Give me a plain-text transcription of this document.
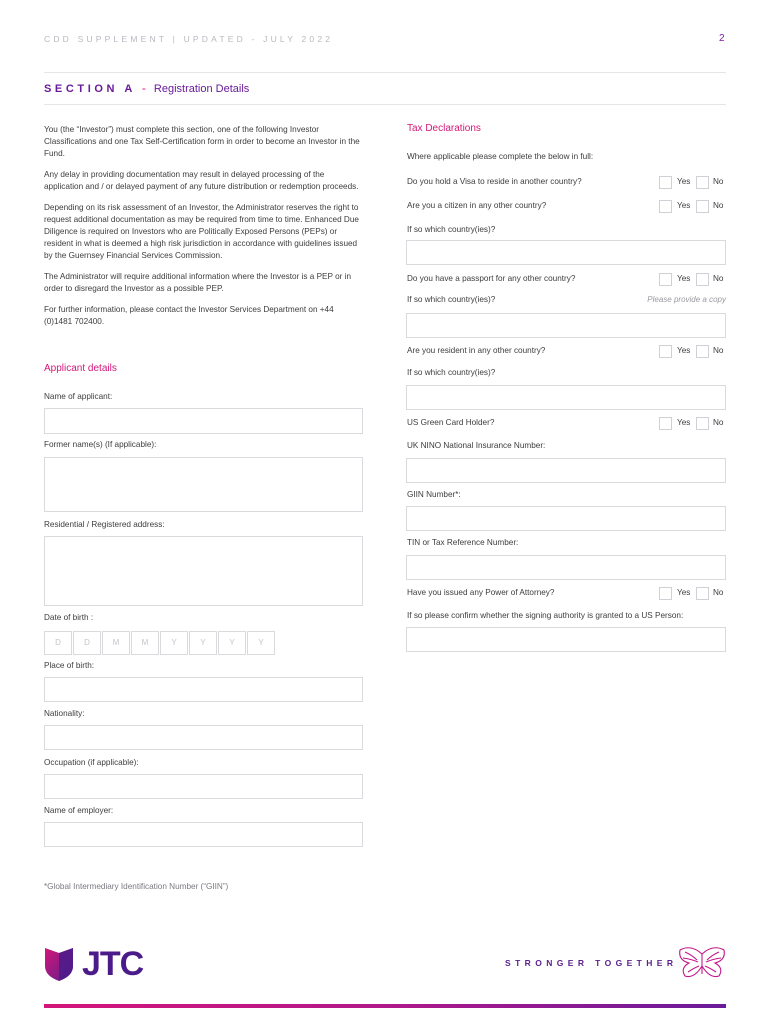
CDD SUPPLEMENT | UPDATED - JULY 2022	2
SECTION A - Registration Details

You (the “Investor”) must complete this section, one of the following Investor Classifications and one Tax Self-Certification form in order to become an Investor in the Fund.

Any delay in providing documentation may result in delayed processing of the application and / or delayed payment of any future distribution or redemption proceeds.

Depending on its risk assessment of an Investor, the Administrator reserves the right to request additional documentation as may be required from time to time. Enhanced Due Diligence is required on Investors who are Politically Exposed Persons (PEPs) or resident in what is deemed a high risk jurisdiction in accordance with guidelines issued by the Guernsey Financial Services Commission.

The Administrator will require additional information where the Investor is a PEP or in order to disregard the Investor as a possible PEP.

For further information, please contact the Investor Services Department on +44 (0)1481 702400.

Applicant details
Name of applicant:
Former name(s) (If applicable):
Residential / Registered address:
Date of birth :
D	D	M	M	Y	Y	Y	Y
Place of birth:
Nationality:
Occupation (if applicable):
Name of employer:
Tax Declarations
Where applicable please complete the below in full:
Do you hold a Visa to reside in another country?	Yes	No
Are you a citizen in any other country?	Yes	No
If so which country(ies)?
Do you have a passport for any other country?	Yes	No
If so which country(ies)?	Please provide a copy
Are you resident in any other country?	Yes	No
If so which country(ies)?
US Green Card Holder?	Yes	No
UK NINO National Insurance Number:
GIIN Number*:
TIN or Tax Reference Number:
Have you issued any Power of Attorney?	Yes	No
If so please confirm whether the signing authority is granted to a US Person:
*Global Intermediary Identification Number (“GIIN”)
JTC	STRONGER TOGETHER
